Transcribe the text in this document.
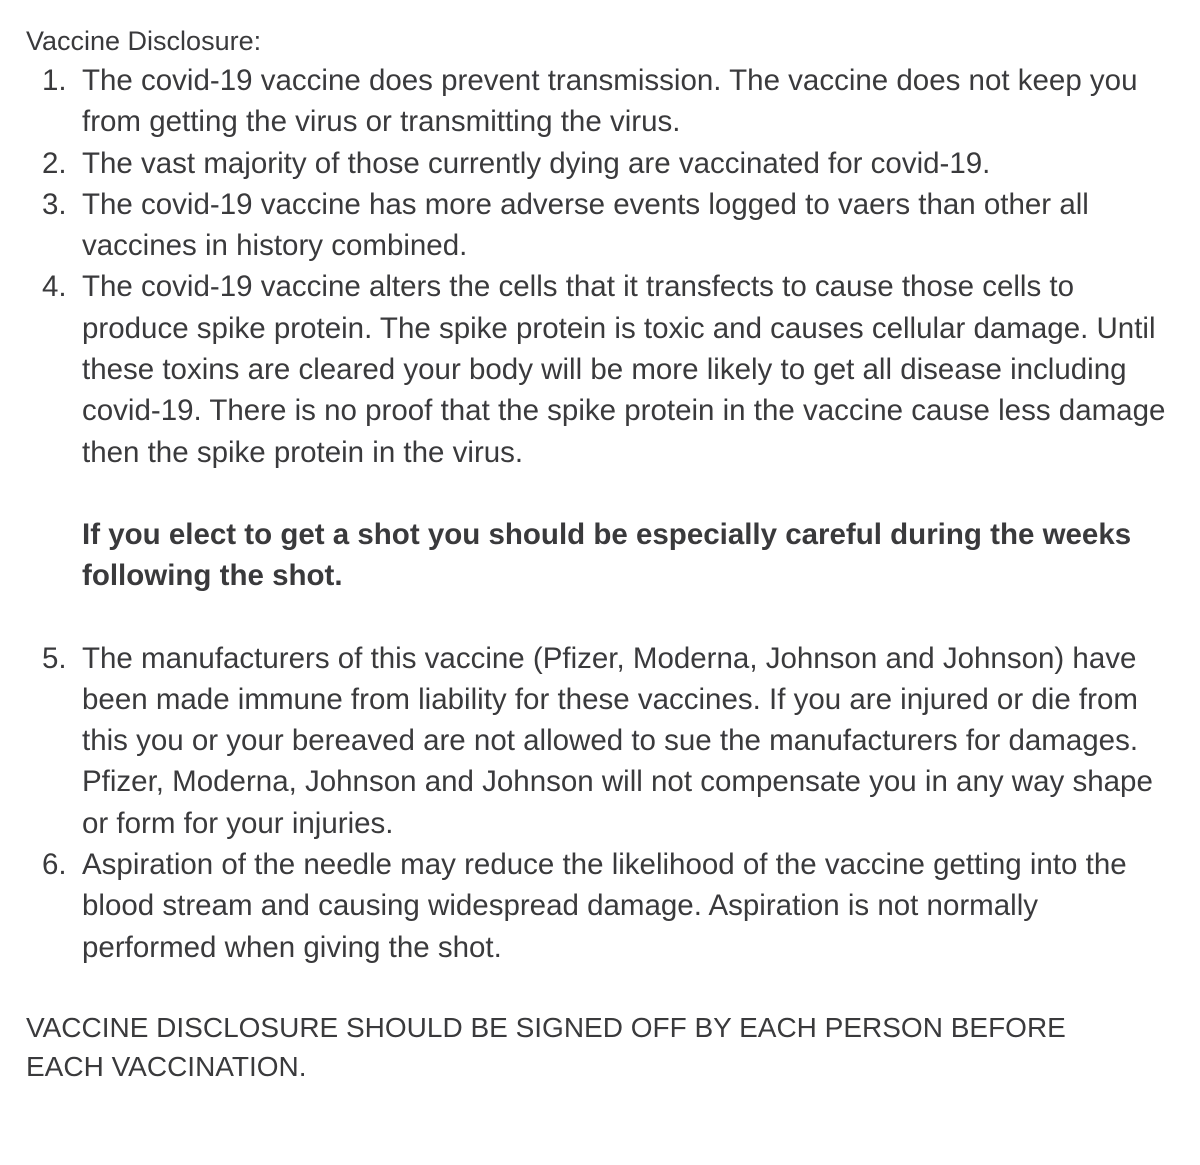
Vaccine Disclosure:

1. The covid-19 vaccine does prevent transmission. The vaccine does not keep you from getting the virus or transmitting the virus.
2. The vast majority of those currently dying are vaccinated for covid-19.
3. The covid-19 vaccine has more adverse events logged to vaers than other all vaccines in history combined.
4. The covid-19 vaccine alters the cells that it transfects to cause those cells to produce spike protein. The spike protein is toxic and causes cellular damage. Until these toxins are cleared your body will be more likely to get all disease including covid-19. There is no proof that the spike protein in the vaccine cause less damage then the spike protein in the virus.

If you elect to get a shot you should be especially careful during the weeks following the shot.

5. The manufacturers of this vaccine (Pfizer, Moderna, Johnson and Johnson) have been made immune from liability for these vaccines. If you are injured or die from this you or your bereaved are not allowed to sue the manufacturers for damages. Pfizer, Moderna, Johnson and Johnson will not compensate you in any way shape or form for your injuries.
6. Aspiration of the needle may reduce the likelihood of the vaccine getting into the blood stream and causing widespread damage. Aspiration is not normally performed when giving the shot.

VACCINE DISCLOSURE SHOULD BE SIGNED OFF BY EACH PERSON BEFORE EACH VACCINATION.
